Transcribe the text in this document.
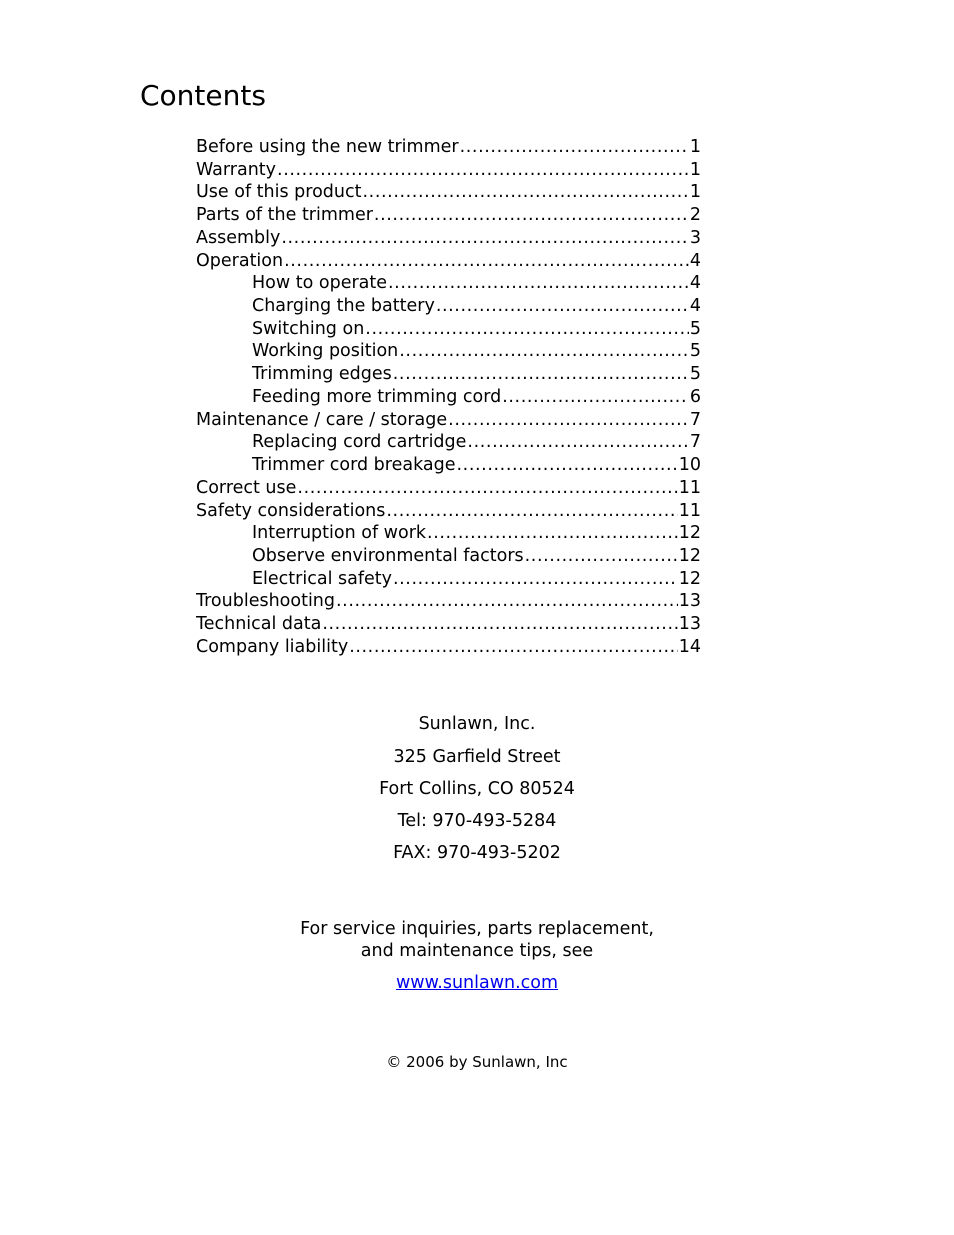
Contents
Before using the new trimmer .....	1
Warranty .....	1
Use of this product .....	1
Parts of the trimmer .....	2
Assembly .....	3
Operation .....	4
How to operate .....	4
Charging the battery .....	4
Switching on .....	5
Working position .....	5
Trimming edges .....	5
Feeding more trimming cord .....	6
Maintenance / care / storage .....	7
Replacing cord cartridge .....	7
Trimmer cord breakage .....	10
Correct use .....	11
Safety considerations .....	11
Interruption of work .....	12
Observe environmental factors .....	12
Electrical safety .....	12
Troubleshooting .....	13
Technical data .....	13
Company liability .....	14
Sunlawn, Inc.
325 Garfield Street
Fort Collins, CO 80524
Tel: 970-493-5284
FAX: 970-493-5202
For service inquiries, parts replacement,
and maintenance tips, see
www.sunlawn.com
© 2006 by Sunlawn, Inc
